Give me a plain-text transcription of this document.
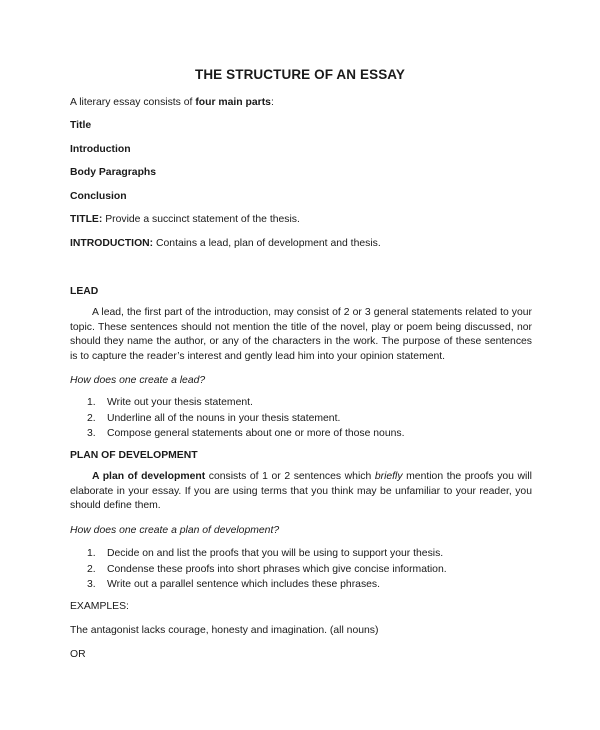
THE STRUCTURE OF AN ESSAY
A literary essay consists of four main parts:
Title
Introduction
Body Paragraphs
Conclusion
TITLE: Provide a succinct statement of the thesis.
INTRODUCTION: Contains a lead, plan of development and thesis.
LEAD
A lead, the first part of the introduction, may consist of 2 or 3 general statements related to your topic. These sentences should not mention the title of the novel, play or poem being discussed, nor should they name the author, or any of the characters in the work. The purpose of these sentences is to capture the reader’s interest and gently lead him into your opinion statement.
How does one create a lead?
1. Write out your thesis statement.
2. Underline all of the nouns in your thesis statement.
3. Compose general statements about one or more of those nouns.
PLAN OF DEVELOPMENT
A plan of development consists of 1 or 2 sentences which briefly mention the proofs you will elaborate in your essay. If you are using terms that you think may be unfamiliar to your reader, you should define them.
How does one create a plan of development?
1. Decide on and list the proofs that you will be using to support your thesis.
2. Condense these proofs into short phrases which give concise information.
3. Write out a parallel sentence which includes these phrases.
EXAMPLES:
The antagonist lacks courage, honesty and imagination. (all nouns)
OR
